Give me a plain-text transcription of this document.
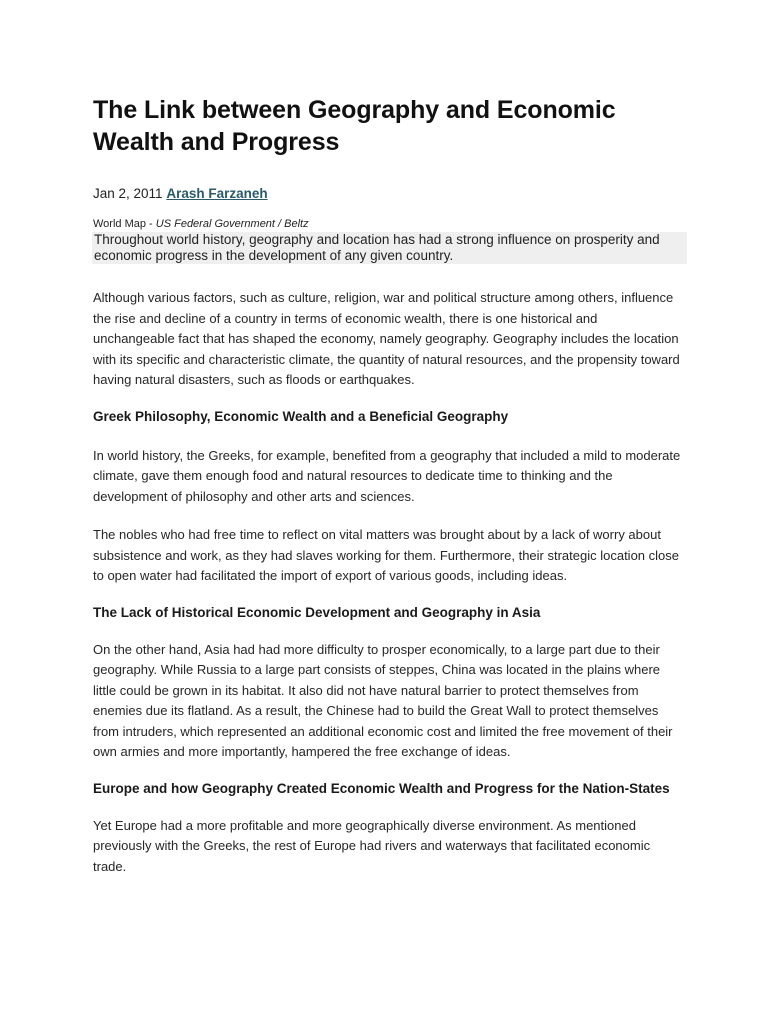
The Link between Geography and Economic Wealth and Progress
Jan 2, 2011 Arash Farzaneh
World Map - US Federal Government / Beltz
Throughout world history, geography and location has had a strong influence on prosperity and economic progress in the development of any given country.

Although various factors, such as culture, religion, war and political structure among others, influence the rise and decline of a country in terms of economic wealth, there is one historical and unchangeable fact that has shaped the economy, namely geography. Geography includes the location with its specific and characteristic climate, the quantity of natural resources, and the propensity toward having natural disasters, such as floods or earthquakes.

Greek Philosophy, Economic Wealth and a Beneficial Geography

In world history, the Greeks, for example, benefited from a geography that included a mild to moderate climate, gave them enough food and natural resources to dedicate time to thinking and the development of philosophy and other arts and sciences.

The nobles who had free time to reflect on vital matters was brought about by a lack of worry about subsistence and work, as they had slaves working for them. Furthermore, their strategic location close to open water had facilitated the import of export of various goods, including ideas.

The Lack of Historical Economic Development and Geography in Asia

On the other hand, Asia had had more difficulty to prosper economically, to a large part due to their geography. While Russia to a large part consists of steppes, China was located in the plains where little could be grown in its habitat. It also did not have natural barrier to protect themselves from enemies due its flatland. As a result, the Chinese had to build the Great Wall to protect themselves from intruders, which represented an additional economic cost and limited the free movement of their own armies and more importantly, hampered the free exchange of ideas.

Europe and how Geography Created Economic Wealth and Progress for the Nation-States

Yet Europe had a more profitable and more geographically diverse environment. As mentioned previously with the Greeks, the rest of Europe had rivers and waterways that facilitated economic trade.
